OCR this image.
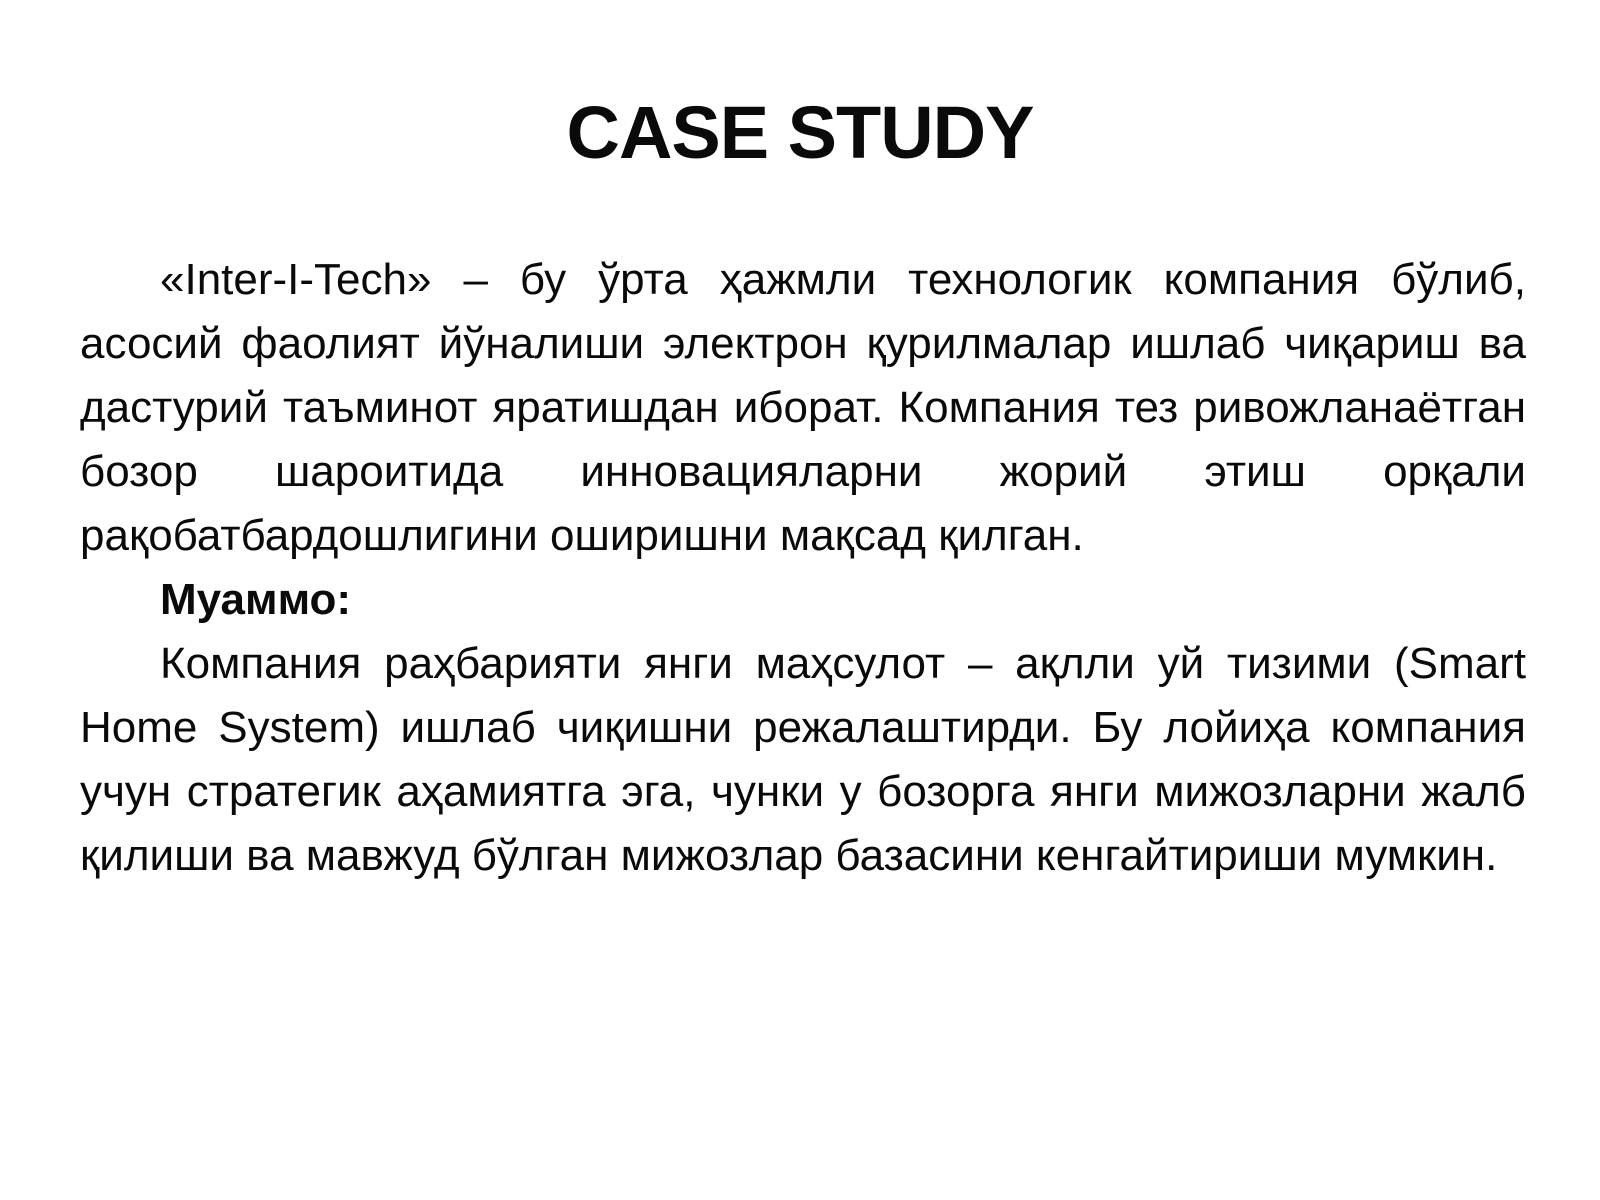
CASE STUDY

«Inter-I-Tech» – бу ўрта ҳажмли технологик компания бўлиб, асосий фаолият йўналиши электрон қурилмалар ишлаб чиқариш ва дастурий таъминот яратишдан иборат. Компания тез ривожланаётган бозор шароитида инновацияларни жорий этиш орқали рақобатбардошлигини оширишни мақсад қилган.

Муаммо:

Компания раҳбарияти янги маҳсулот – ақлли уй тизими (Smart Home System) ишлаб чиқишни режалаштирди. Бу лойиҳа компания учун стратегик аҳамиятга эга, чунки у бозорга янги мижозларни жалб қилиши ва мавжуд бўлган мижозлар базасини кенгайтириши мумкин.
